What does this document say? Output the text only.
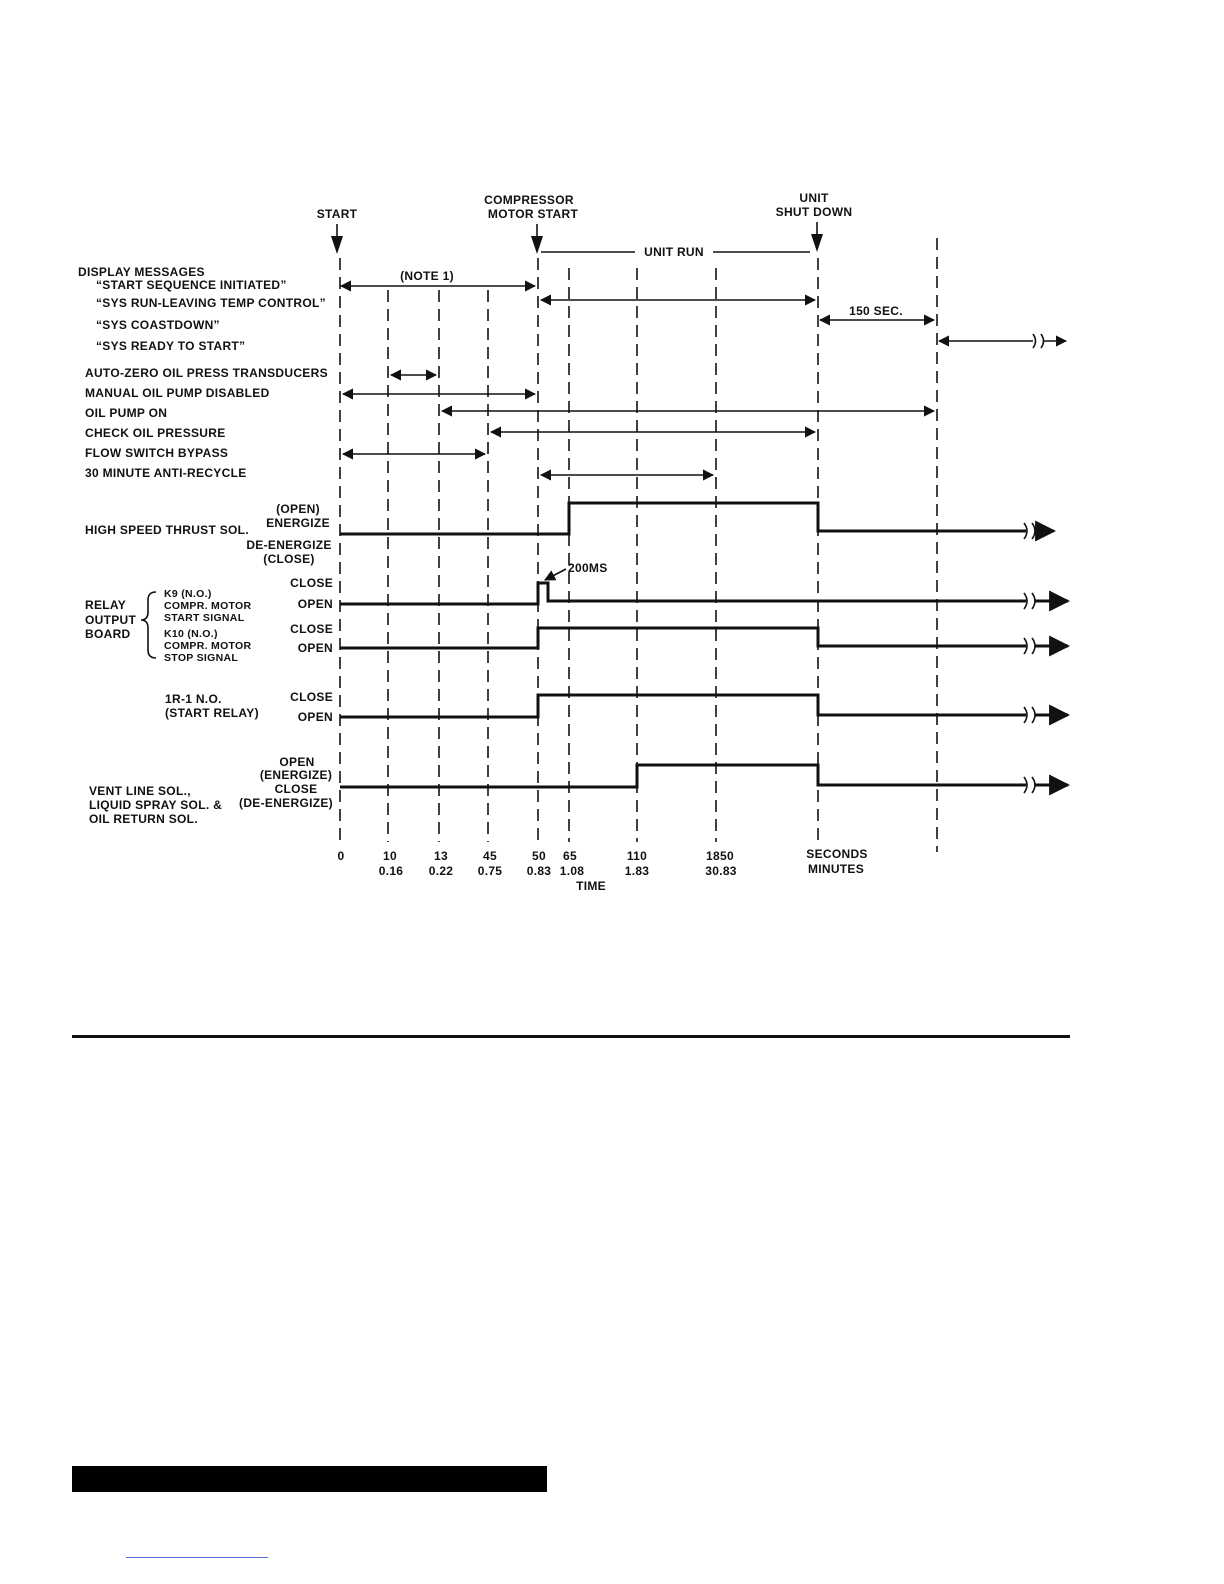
START
COMPRESSOR
MOTOR START
UNIT
SHUT DOWN
UNIT RUN
DISPLAY MESSAGES
“START SEQUENCE INITIATED”
“SYS RUN-LEAVING TEMP CONTROL”
“SYS COASTDOWN”
“SYS READY TO START”
(NOTE 1)
150 SEC.
AUTO-ZERO OIL PRESS TRANSDUCERS
MANUAL OIL PUMP DISABLED
OIL PUMP ON
CHECK OIL PRESSURE
FLOW SWITCH BYPASS
30 MINUTE ANTI-RECYCLE
HIGH SPEED THRUST SOL.
(OPEN)
ENERGIZE
DE-ENERGIZE
(CLOSE)
RELAY
OUTPUT
BOARD
K9 (N.O.)
COMPR. MOTOR
START SIGNAL
K10 (N.O.)
COMPR. MOTOR
STOP SIGNAL
CLOSE
OPEN
200MS
CLOSE
OPEN
1R-1 N.O.
(START RELAY)
CLOSE
OPEN
VENT LINE SOL.,
LIQUID SPRAY SOL. &
OIL RETURN SOL.
OPEN
(ENERGIZE)
CLOSE
(DE-ENERGIZE)
0	10	13	45	50 65	110	1850	SECONDS
0.16 0.22 0.75 0.83 1.08	1.83	30.83	MINUTES
TIME
